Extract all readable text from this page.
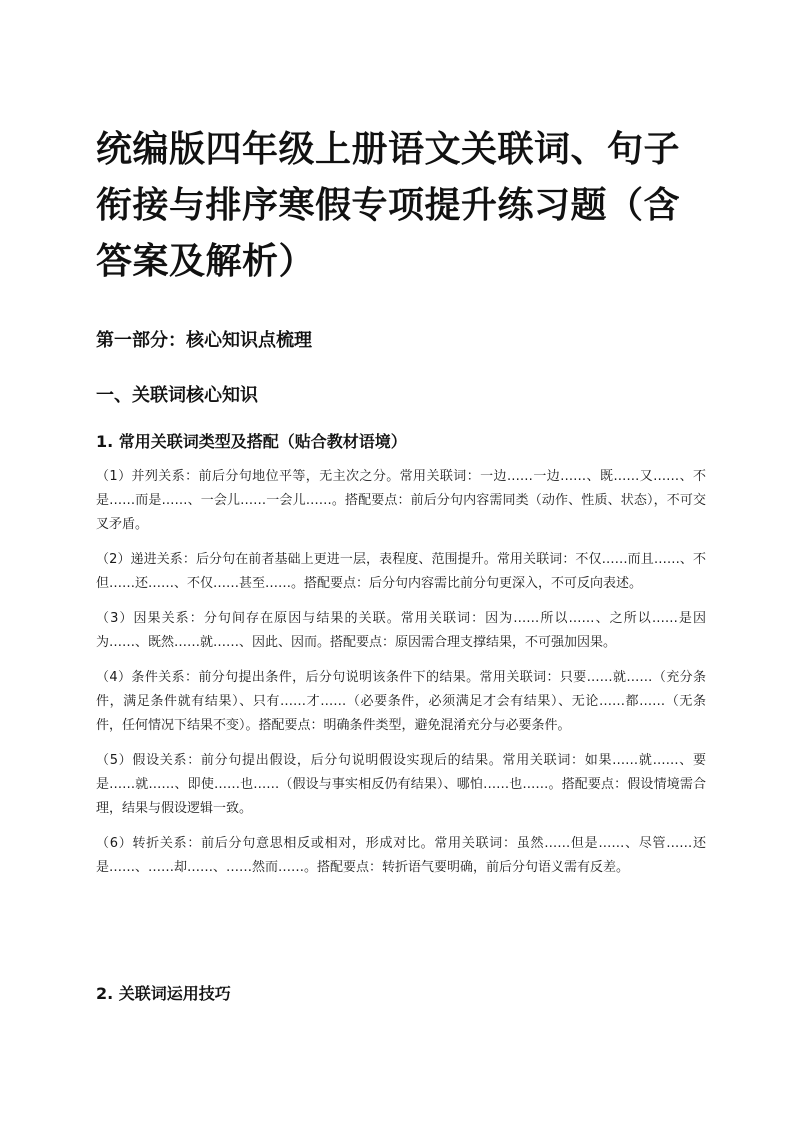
统编版四年级上册语文关联词、句子衔接与排序寒假专项提升练习题（含答案及解析）
第一部分：核心知识点梳理
一、关联词核心知识
1. 常用关联词类型及搭配（贴合教材语境）

（1）并列关系：前后分句地位平等，无主次之分。常用关联词：一边……一边……、既……又……、不是……而是……、一会儿……一会儿……。搭配要点：前后分句内容需同类（动作、性质、状态），不可交叉矛盾。

（2）递进关系：后分句在前者基础上更进一层，表程度、范围提升。常用关联词：不仅……而且……、不但……还……、不仅……甚至……。搭配要点：后分句内容需比前分句更深入，不可反向表述。

（3）因果关系：分句间存在原因与结果的关联。常用关联词：因为……所以……、之所以……是因为……、既然……就……、因此、因而。搭配要点：原因需合理支撑结果，不可强加因果。

（4）条件关系：前分句提出条件，后分句说明该条件下的结果。常用关联词：只要……就……（充分条件，满足条件就有结果）、只有……才……（必要条件，必须满足才会有结果）、无论……都……（无条件，任何情况下结果不变）。搭配要点：明确条件类型，避免混淆充分与必要条件。

（5）假设关系：前分句提出假设，后分句说明假设实现后的结果。常用关联词：如果……就……、要是……就……、即使……也……（假设与事实相反仍有结果）、哪怕……也……。搭配要点：假设情境需合理，结果与假设逻辑一致。

（6）转折关系：前后分句意思相反或相对，形成对比。常用关联词：虽然……但是……、尽管……还是……、……却……、……然而……。搭配要点：转折语气要明确，前后分句语义需有反差。

2. 关联词运用技巧
